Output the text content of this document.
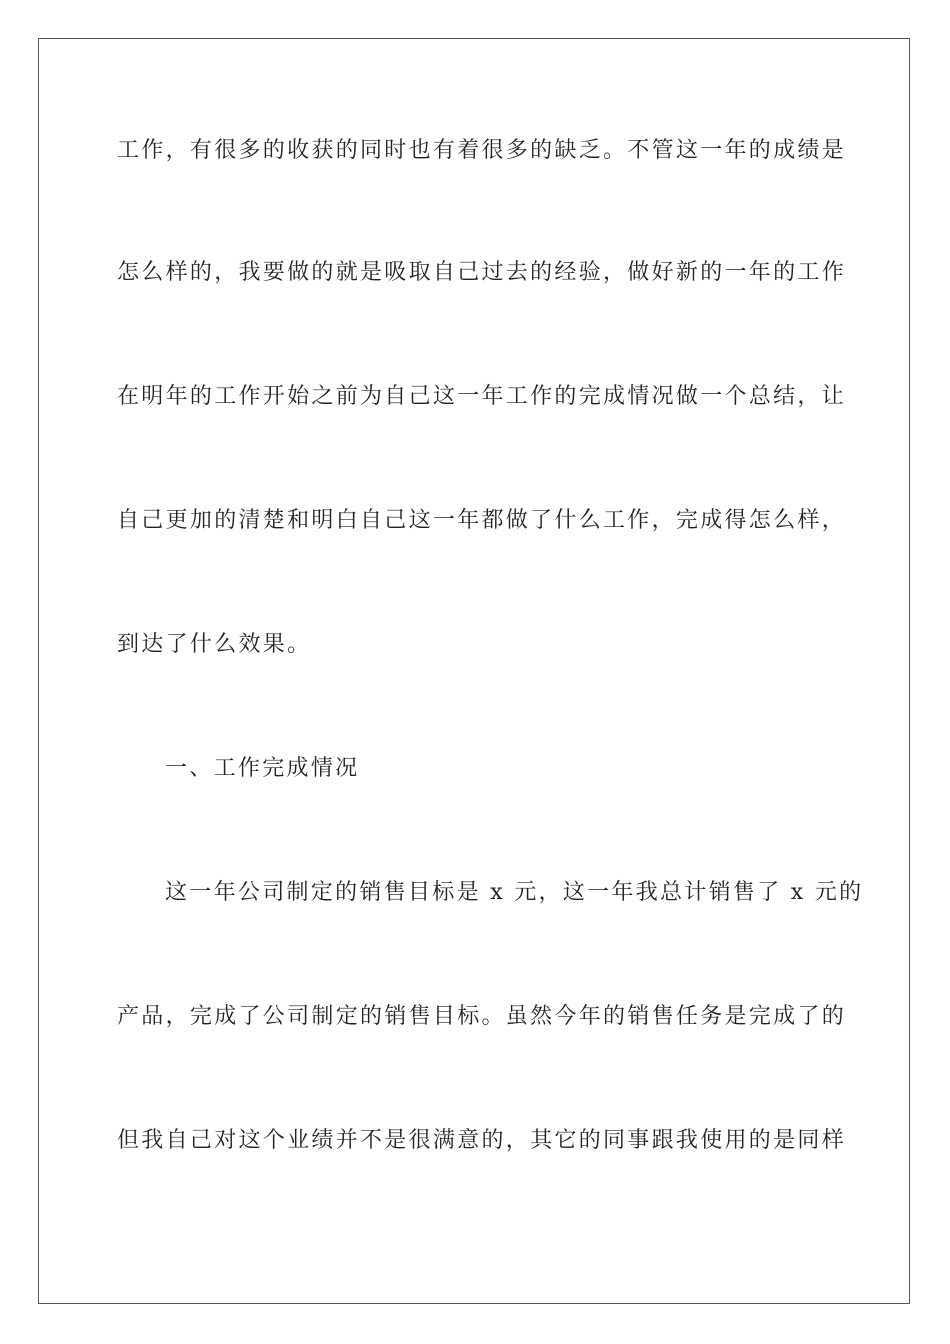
工作，有很多的收获的同时也有着很多的缺乏。不管这一年的成绩是
怎么样的，我要做的就是吸取自己过去的经验，做好新的一年的工作
在明年的工作开始之前为自己这一年工作的完成情况做一个总结，让
自己更加的清楚和明白自己这一年都做了什么工作，完成得怎么样，
到达了什么效果。
一、工作完成情况
这一年公司制定的销售目标是 x 元，这一年我总计销售了 x 元的
产品，完成了公司制定的销售目标。虽然今年的销售任务是完成了的
但我自己对这个业绩并不是很满意的，其它的同事跟我使用的是同样
